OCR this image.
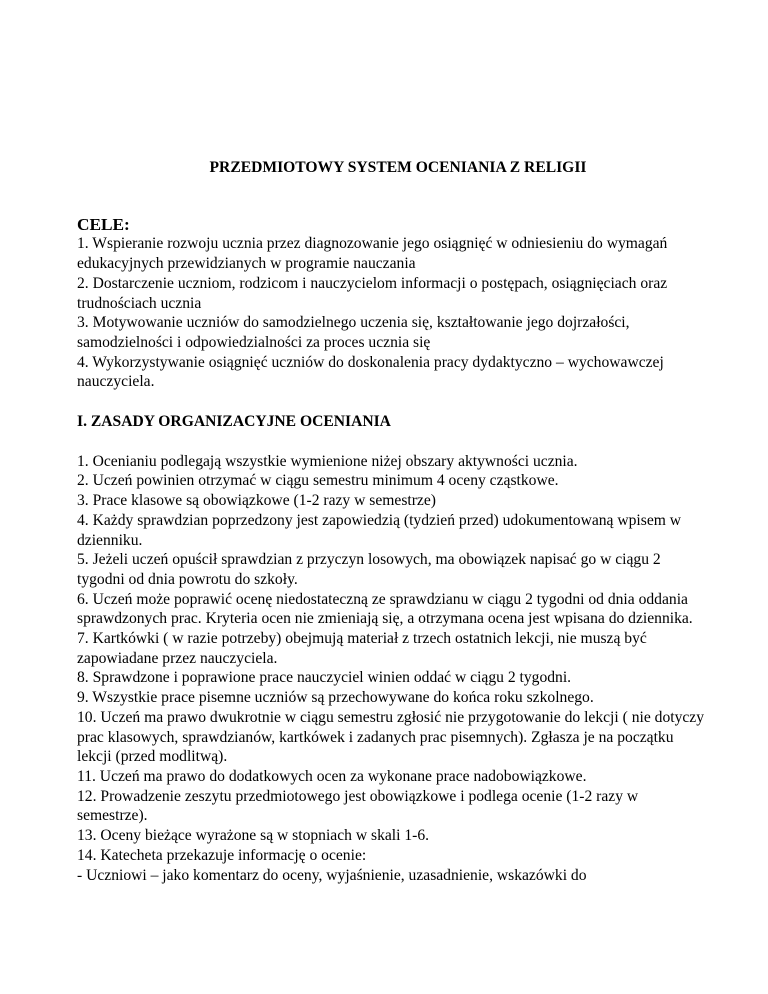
PRZEDMIOTOWY SYSTEM OCENIANIA Z RELIGII
CELE:
1. Wspieranie rozwoju ucznia przez diagnozowanie jego osiągnięć w odniesieniu do wymagań edukacyjnych przewidzianych w programie nauczania
2. Dostarczenie uczniom, rodzicom i nauczycielom informacji o postępach, osiągnięciach oraz trudnościach ucznia
3. Motywowanie uczniów do samodzielnego uczenia się, kształtowanie jego dojrzałości, samodzielności i odpowiedzialności za proces ucznia się
4. Wykorzystywanie osiągnięć uczniów do doskonalenia pracy dydaktyczno – wychowawczej nauczyciela.
I. ZASADY ORGANIZACYJNE OCENIANIA
1. Ocenianiu podlegają wszystkie wymienione niżej obszary aktywności ucznia.
2. Uczeń powinien otrzymać w ciągu semestru minimum 4 oceny cząstkowe.
3. Prace klasowe są obowiązkowe (1-2 razy w semestrze)
4. Każdy sprawdzian poprzedzony jest zapowiedzią (tydzień przed) udokumentowaną wpisem w dzienniku.
5. Jeżeli uczeń opuścił sprawdzian z przyczyn losowych, ma obowiązek napisać go w ciągu 2 tygodni od dnia powrotu do szkoły.
6. Uczeń może poprawić ocenę niedostateczną ze sprawdzianu w ciągu 2 tygodni od dnia oddania sprawdzonych prac. Kryteria ocen nie zmieniają się, a otrzymana ocena jest wpisana do dziennika.
7. Kartkówki ( w razie potrzeby) obejmują materiał z trzech ostatnich lekcji, nie muszą być zapowiadane przez nauczyciela.
8. Sprawdzone i poprawione prace nauczyciel winien oddać w ciągu 2 tygodni.
9. Wszystkie prace pisemne uczniów są przechowywane do końca roku szkolnego.
10. Uczeń ma prawo dwukrotnie w ciągu semestru zgłosić nie przygotowanie do lekcji ( nie dotyczy prac klasowych, sprawdzianów, kartkówek i zadanych prac pisemnych). Zgłasza je na początku lekcji (przed modlitwą).
11. Uczeń ma prawo do dodatkowych ocen za wykonane prace nadobowiązkowe.
12. Prowadzenie zeszytu przedmiotowego jest obowiązkowe i podlega ocenie (1-2 razy w semestrze).
13. Oceny bieżące wyrażone są w stopniach w skali 1-6.
14. Katecheta przekazuje informację o ocenie:
- Uczniowi – jako komentarz do oceny, wyjaśnienie, uzasadnienie, wskazówki do
